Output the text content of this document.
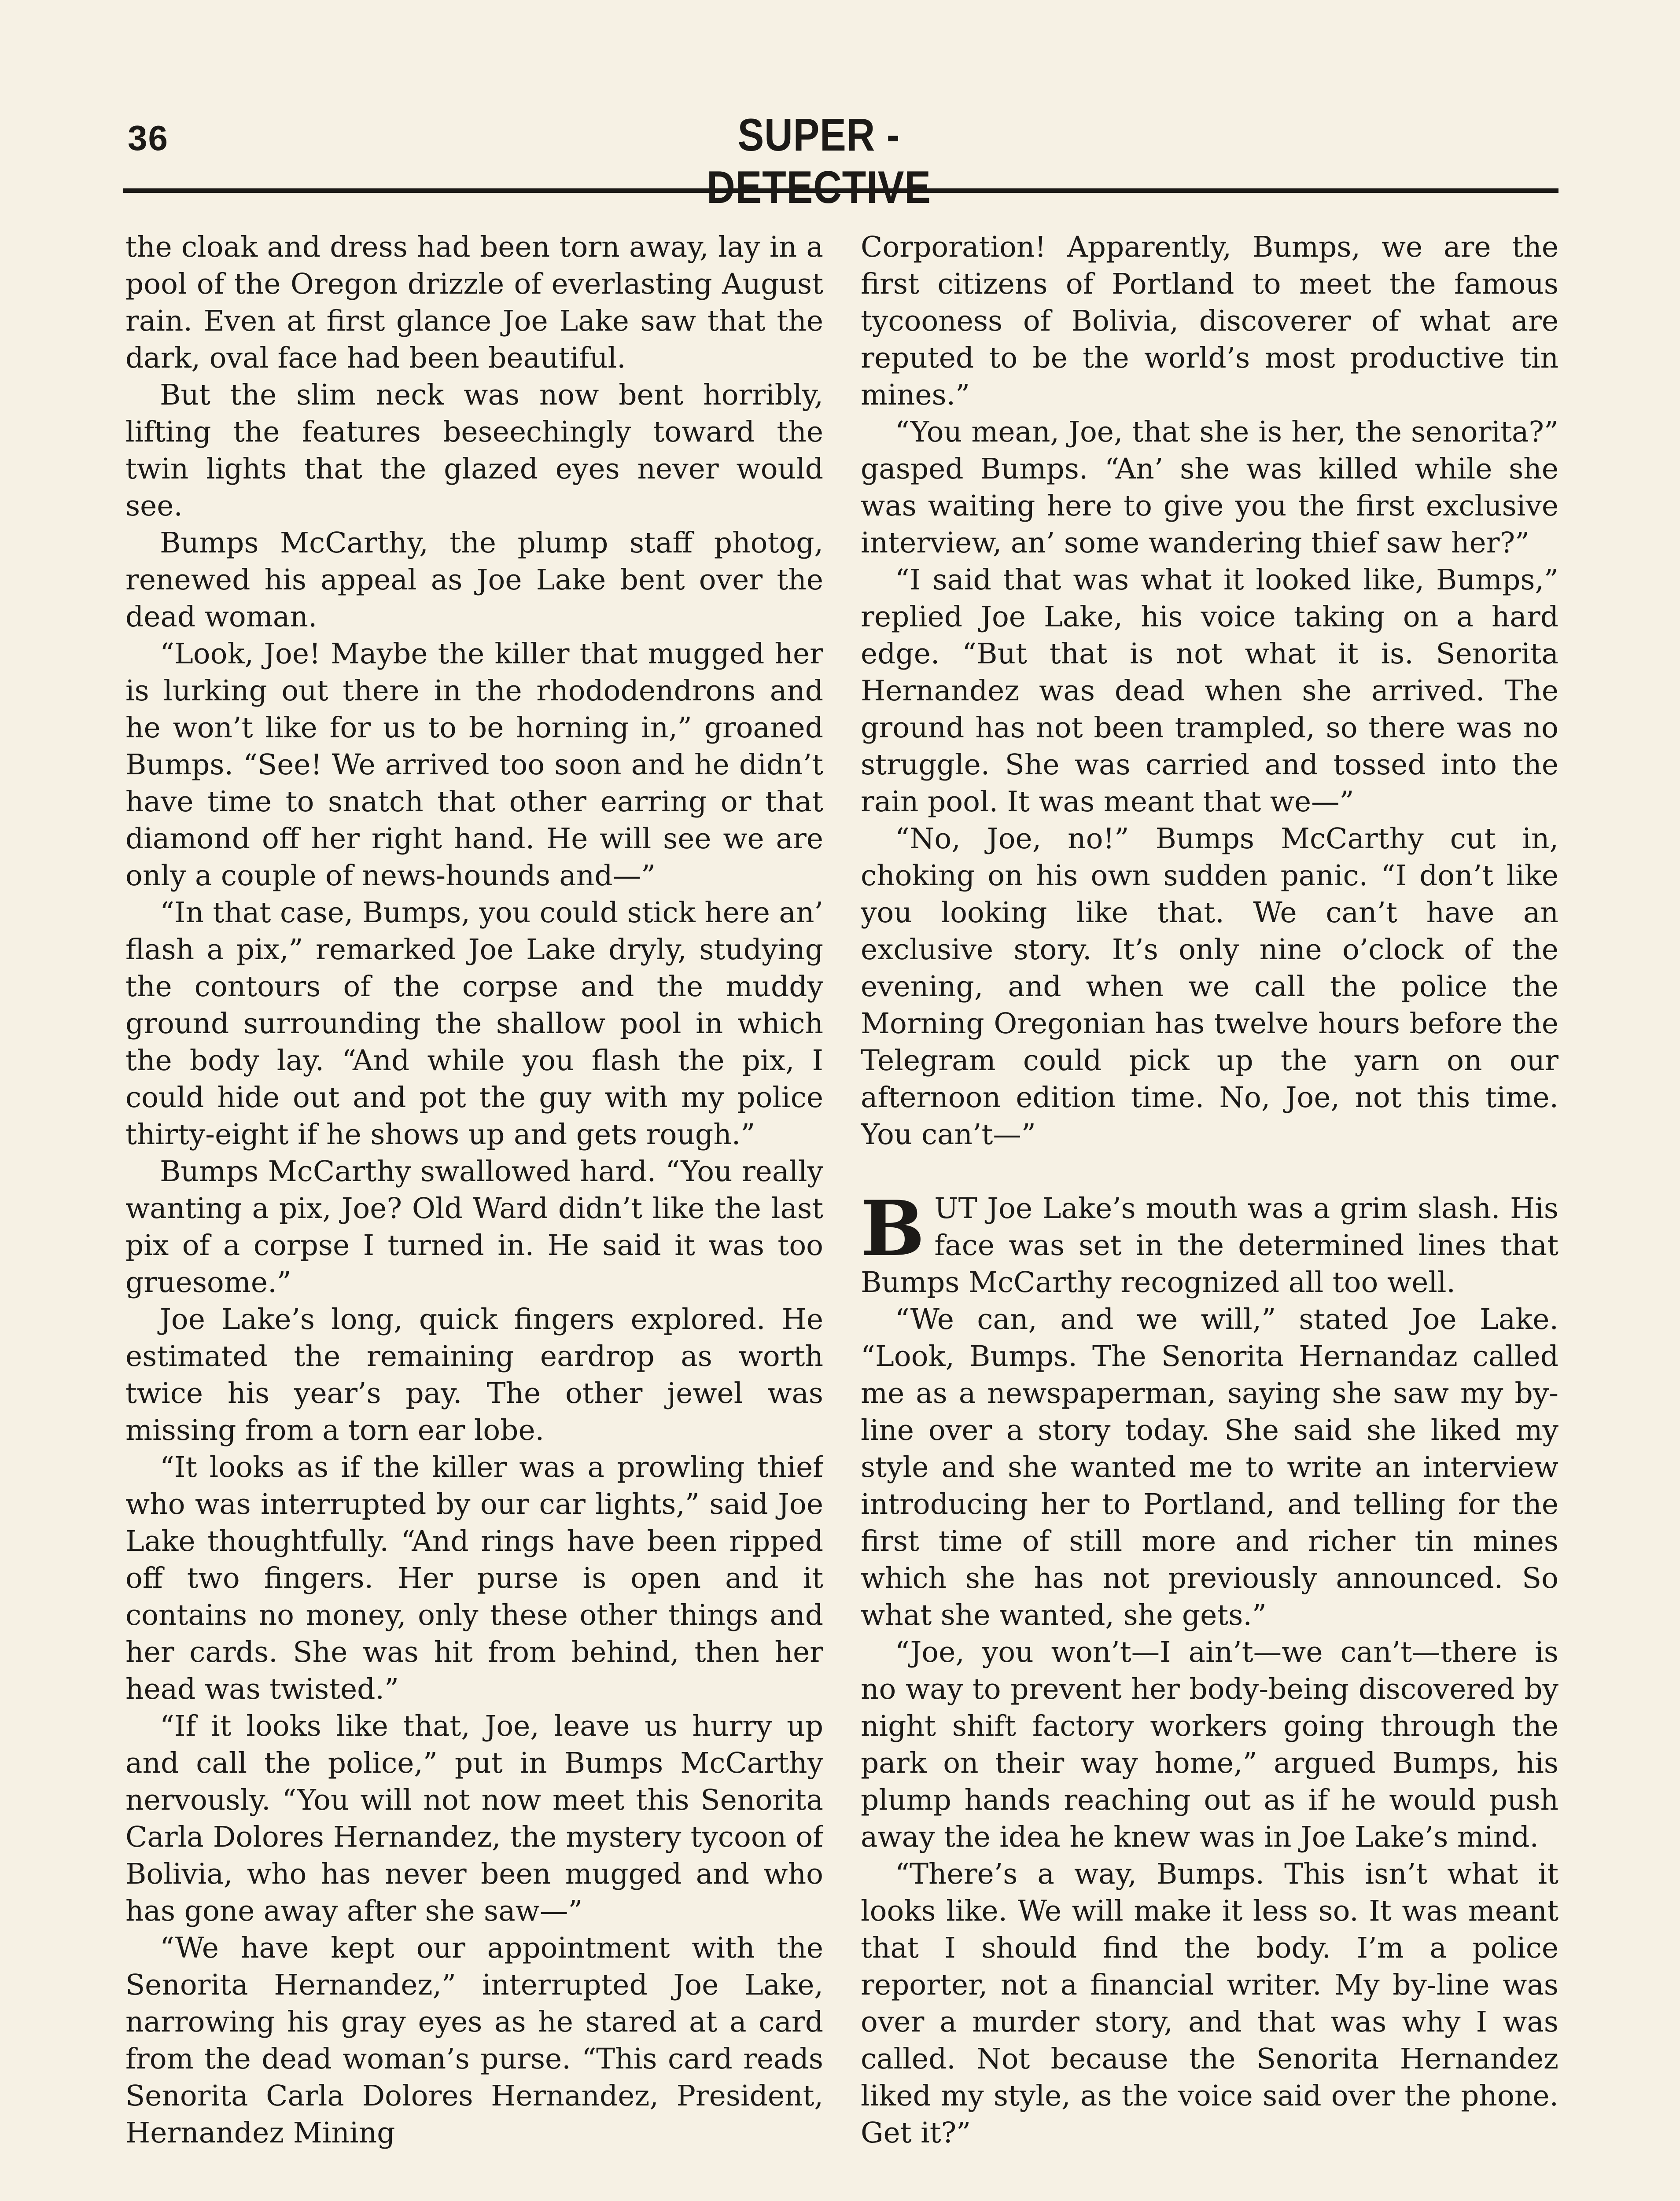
36	SUPER - DETECTIVE

the cloak and dress had been torn away, lay in a pool of the Oregon drizzle of everlasting August rain. Even at first glance Joe Lake saw that the dark, oval face had been beautiful.

But the slim neck was now bent horribly, lifting the features beseechingly toward the twin lights that the glazed eyes never would see.

Bumps McCarthy, the plump staff photog, renewed his appeal as Joe Lake bent over the dead woman.

“Look, Joe! Maybe the killer that mugged her is lurking out there in the rhododendrons and he won’t like for us to be horning in,” groaned Bumps. “See! We arrived too soon and he didn’t have time to snatch that other earring or that diamond off her right hand. He will see we are only a couple of news-hounds and—”

“In that case, Bumps, you could stick here an’ flash a pix,” remarked Joe Lake dryly, studying the contours of the corpse and the muddy ground surrounding the shallow pool in which the body lay. “And while you flash the pix, I could hide out and pot the guy with my police thirty-eight if he shows up and gets rough.”

Bumps McCarthy swallowed hard. “You really wanting a pix, Joe? Old Ward didn’t like the last pix of a corpse I turned in. He said it was too gruesome.”

Joe Lake’s long, quick fingers explored. He estimated the remaining eardrop as worth twice his year’s pay. The other jewel was missing from a torn ear lobe.

“It looks as if the killer was a prowling thief who was interrupted by our car lights,” said Joe Lake thoughtfully. “And rings have been ripped off two fingers. Her purse is open and it contains no money, only these other things and her cards. She was hit from behind, then her head was twisted.”

“If it looks like that, Joe, leave us hurry up and call the police,” put in Bumps McCarthy nervously. “You will not now meet this Senorita Carla Dolores Hernandez, the mystery tycoon of Bolivia, who has never been mugged and who has gone away after she saw—”

“We have kept our appointment with the Senorita Hernandez,” interrupted Joe Lake, narrowing his gray eyes as he stared at a card from the dead woman’s purse. “This card reads Senorita Carla Dolores Hernandez, President, Hernandez Mining

Corporation! Apparently, Bumps, we are the first citizens of Portland to meet the famous tycooness of Bolivia, discoverer of what are reputed to be the world’s most productive tin mines.”

“You mean, Joe, that she is her, the senorita?” gasped Bumps. “An’ she was killed while she was waiting here to give you the first exclusive interview, an’ some wandering thief saw her?”

“I said that was what it looked like, Bumps,” replied Joe Lake, his voice taking on a hard edge. “But that is not what it is. Senorita Hernandez was dead when she arrived. The ground has not been trampled, so there was no struggle. She was carried and tossed into the rain pool. It was meant that we—”

“No, Joe, no!” Bumps McCarthy cut in, choking on his own sudden panic. “I don’t like you looking like that. We can’t have an exclusive story. It’s only nine o’clock of the evening, and when we call the police the Morning Oregonian has twelve hours before the Telegram could pick up the yarn on our afternoon edition time. No, Joe, not this time. You can’t—”

BUT Joe Lake’s mouth was a grim slash. His face was set in the determined lines that Bumps McCarthy recognized all too well.

“We can, and we will,” stated Joe Lake. “Look, Bumps. The Senorita Hernandaz called me as a newspaperman, saying she saw my by-line over a story today. She said she liked my style and she wanted me to write an interview introducing her to Portland, and telling for the first time of still more and richer tin mines which she has not previously announced. So what she wanted, she gets.”

“Joe, you won’t—I ain’t—we can’t—there is no way to prevent her body-being discovered by night shift factory workers going through the park on their way home,” argued Bumps, his plump hands reaching out as if he would push away the idea he knew was in Joe Lake’s mind.

“There’s a way, Bumps. This isn’t what it looks like. We will make it less so. It was meant that I should find the body. I’m a police reporter, not a financial writer. My by-line was over a murder story, and that was why I was called. Not because the Senorita Hernandez liked my style, as the voice said over the phone. Get it?”
